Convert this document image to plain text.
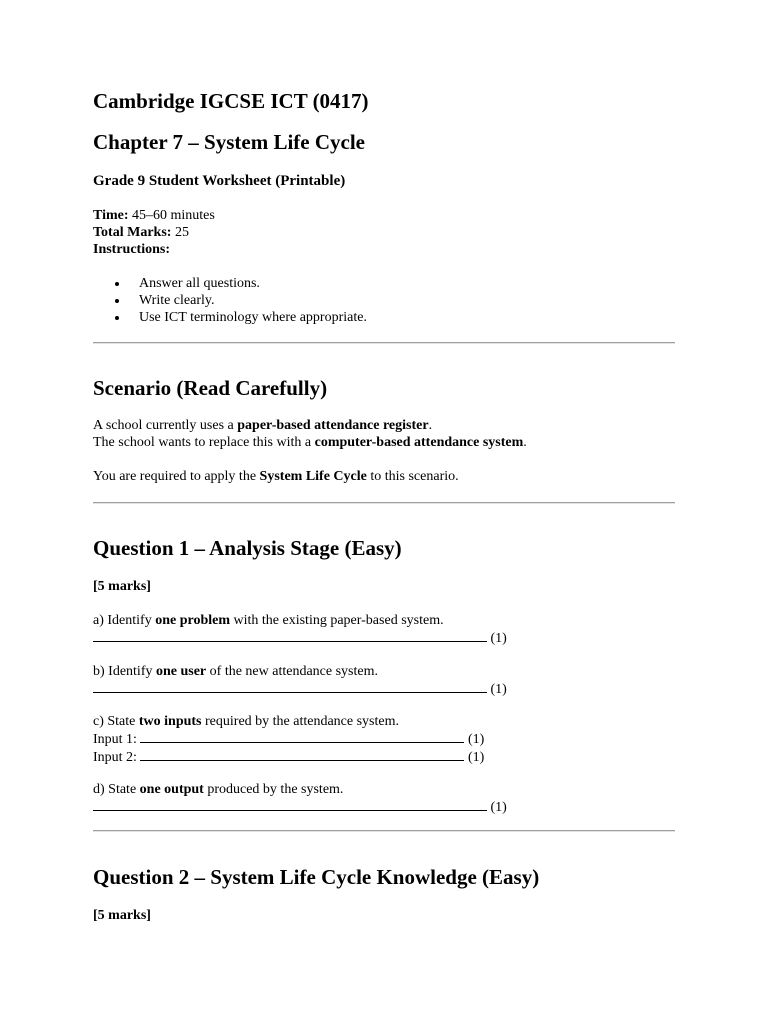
Cambridge IGCSE ICT (0417)
Chapter 7 – System Life Cycle
Grade 9 Student Worksheet (Printable)

Time: 45–60 minutes

Total Marks: 25

Instructions:

Answer all questions.
Write clearly.
Use ICT terminology where appropriate.
Scenario (Read Carefully)

A school currently uses a paper-based attendance register.

The school wants to replace this with a computer-based attendance system.

You are required to apply the System Life Cycle to this scenario.

Question 1 – Analysis Stage (Easy)

[5 marks]

a) Identify one problem with the existing paper-based system.

(1)

b) Identify one user of the new attendance system.

(1)

c) State two inputs required by the attendance system.

Input 1:	(1)

Input 2:	(1)

d) State one output produced by the system.

(1)

Question 2 – System Life Cycle Knowledge (Easy)

[5 marks]
